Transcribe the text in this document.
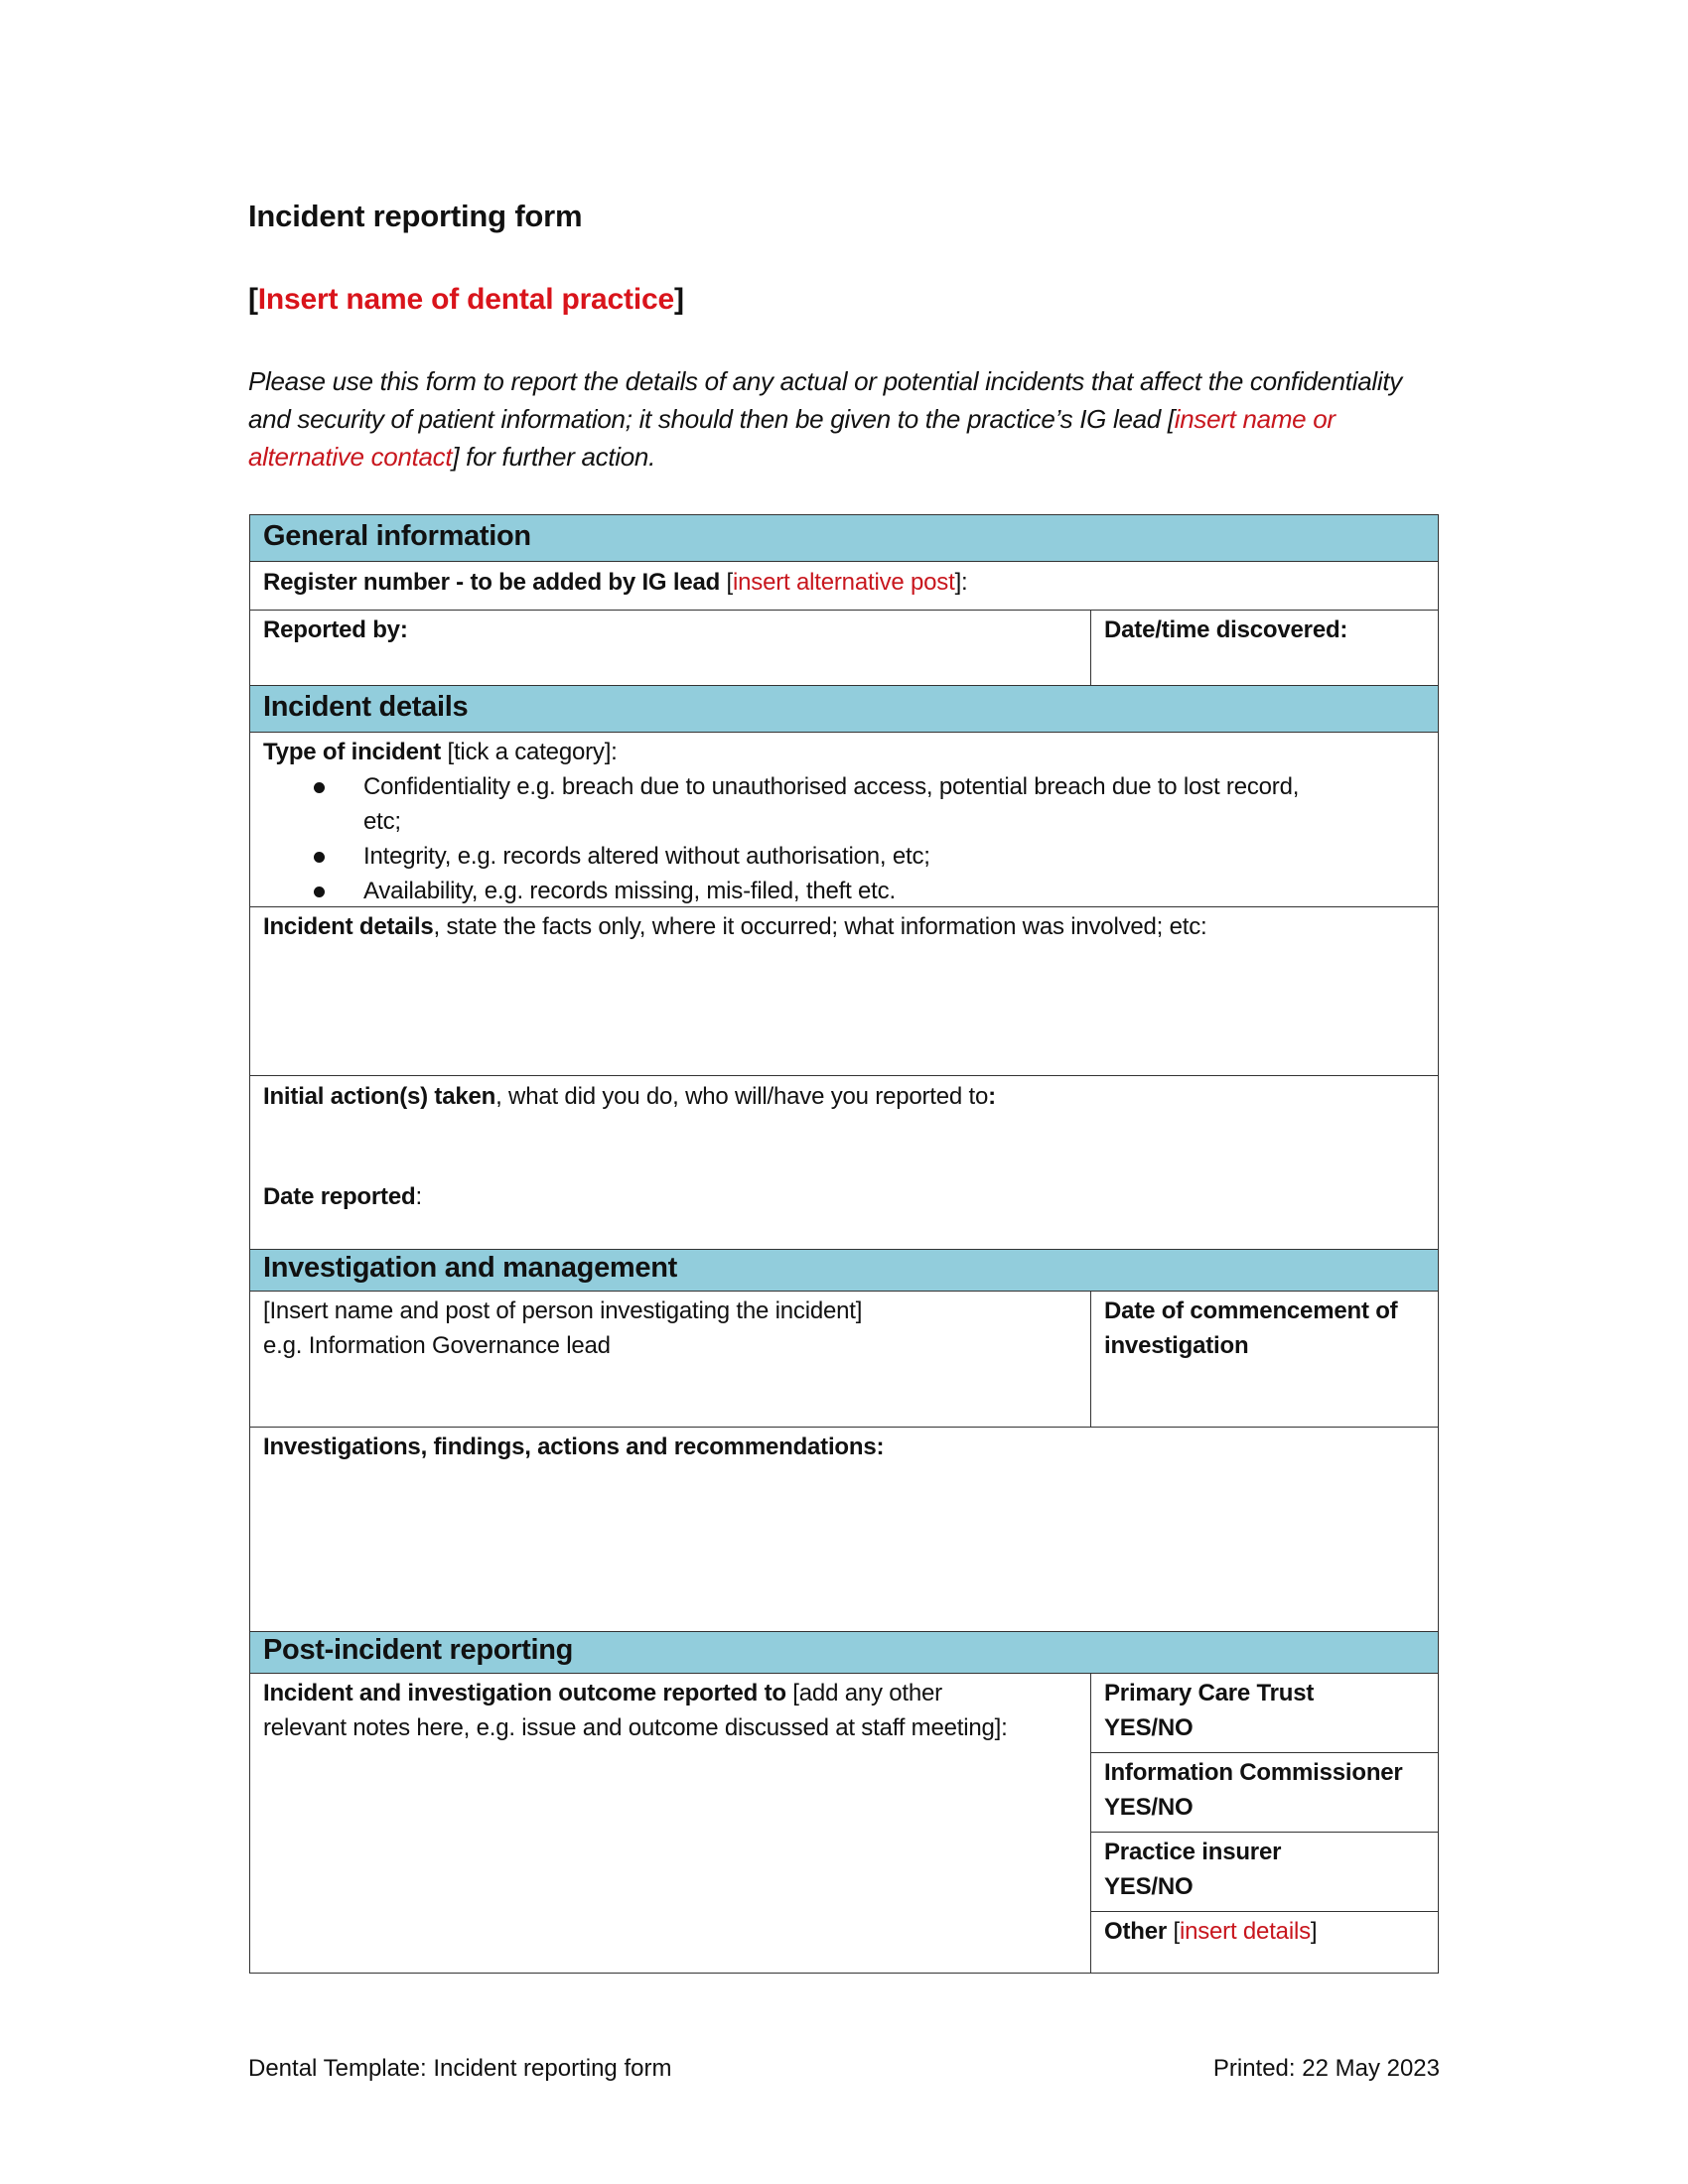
Incident reporting form
[Insert name of dental practice]
Please use this form to report the details of any actual or potential incidents that affect the confidentiality and security of patient information; it should then be given to the practice’s IG lead [insert name or alternative contact] for further action.
General information
Register number - to be added by IG lead [insert alternative post]:
Reported by:	Date/time discovered:
Incident details
Type of incident [tick a category]:
Confidentiality e.g. breach due to unauthorised access, potential breach due to lost record,
etc;
Integrity, e.g. records altered without authorisation, etc;
Availability, e.g. records missing, mis-filed, theft etc.
Incident details, state the facts only, where it occurred; what information was involved; etc:
Initial action(s) taken, what did you do, who will/have you reported to:
Date reported:
Investigation and management
[Insert name and post of person investigating the incident]
e.g. Information Governance lead
Date of commencement of
investigation
Investigations, findings, actions and recommendations:
Post-incident reporting
Incident and investigation outcome reported to [add any other
relevant notes here, e.g. issue and outcome discussed at staff meeting]:
Primary Care Trust
YES/NO
Information Commissioner
YES/NO
Practice insurer
YES/NO
Other [insert details]
Dental Template: Incident reporting form	Printed: 22 May 2023
